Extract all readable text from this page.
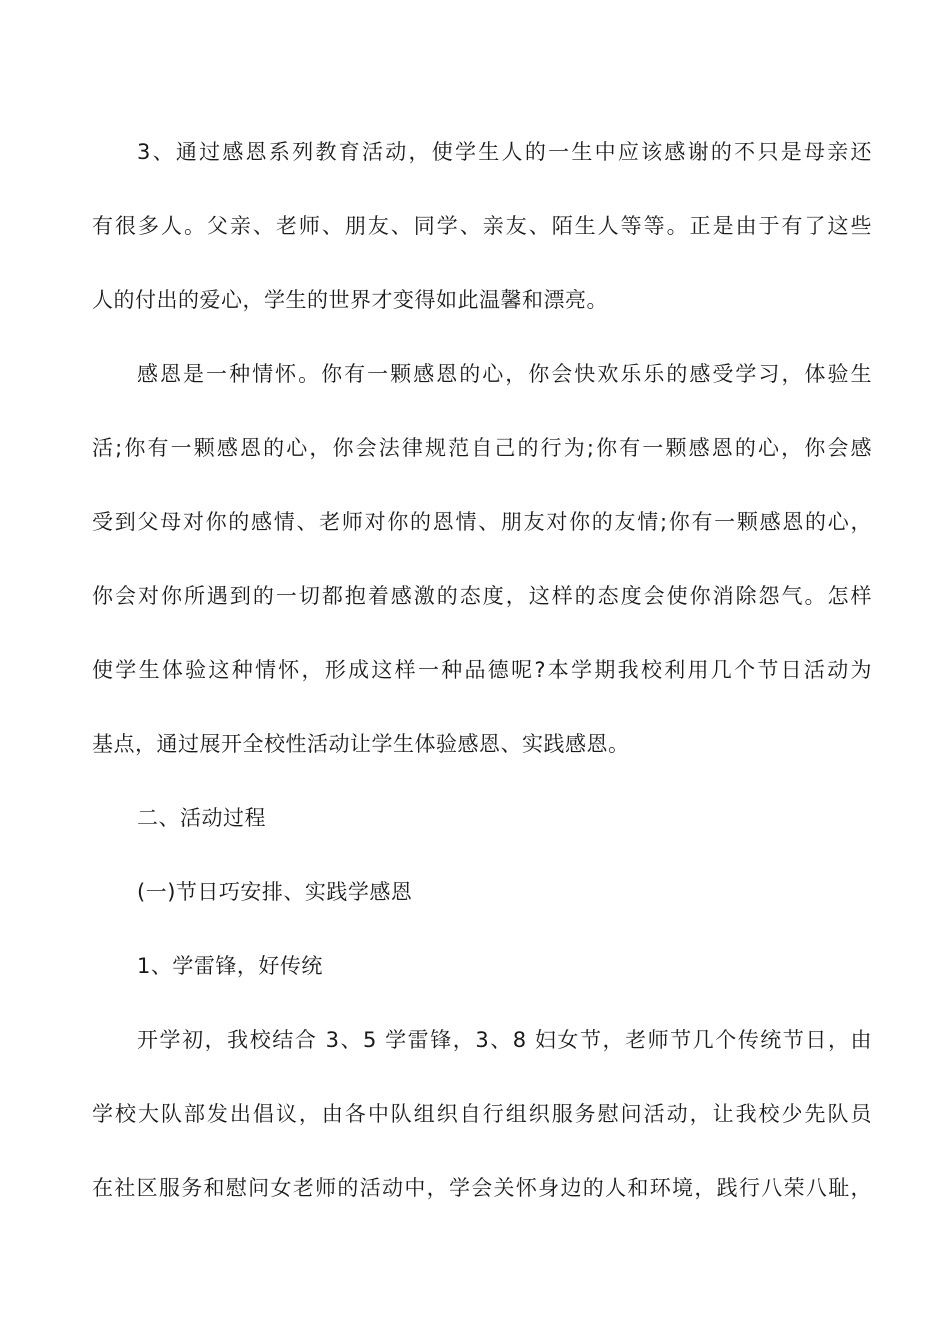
3、通过感恩系列教育活动，使学生人的一生中应该感谢的不只是母亲还
有很多人。父亲、老师、朋友、同学、亲友、陌生人等等。正是由于有了这些
人的付出的爱心，学生的世界才变得如此温馨和漂亮。
感恩是一种情怀。你有一颗感恩的心，你会快欢乐乐的感受学习，体验生
活;你有一颗感恩的心，你会法律规范自己的行为;你有一颗感恩的心，你会感
受到父母对你的感情、老师对你的恩情、朋友对你的友情;你有一颗感恩的心，
你会对你所遇到的一切都抱着感激的态度，这样的态度会使你消除怨气。怎样
使学生体验这种情怀，形成这样一种品德呢?本学期我校利用几个节日活动为
基点，通过展开全校性活动让学生体验感恩、实践感恩。
二、活动过程
(一)节日巧安排、实践学感恩
1、学雷锋，好传统
开学初，我校结合 3、5 学雷锋，3、8 妇女节，老师节几个传统节日，由
学校大队部发出倡议，由各中队组织自行组织服务慰问活动，让我校少先队员
在社区服务和慰问女老师的活动中，学会关怀身边的人和环境，践行八荣八耻，
